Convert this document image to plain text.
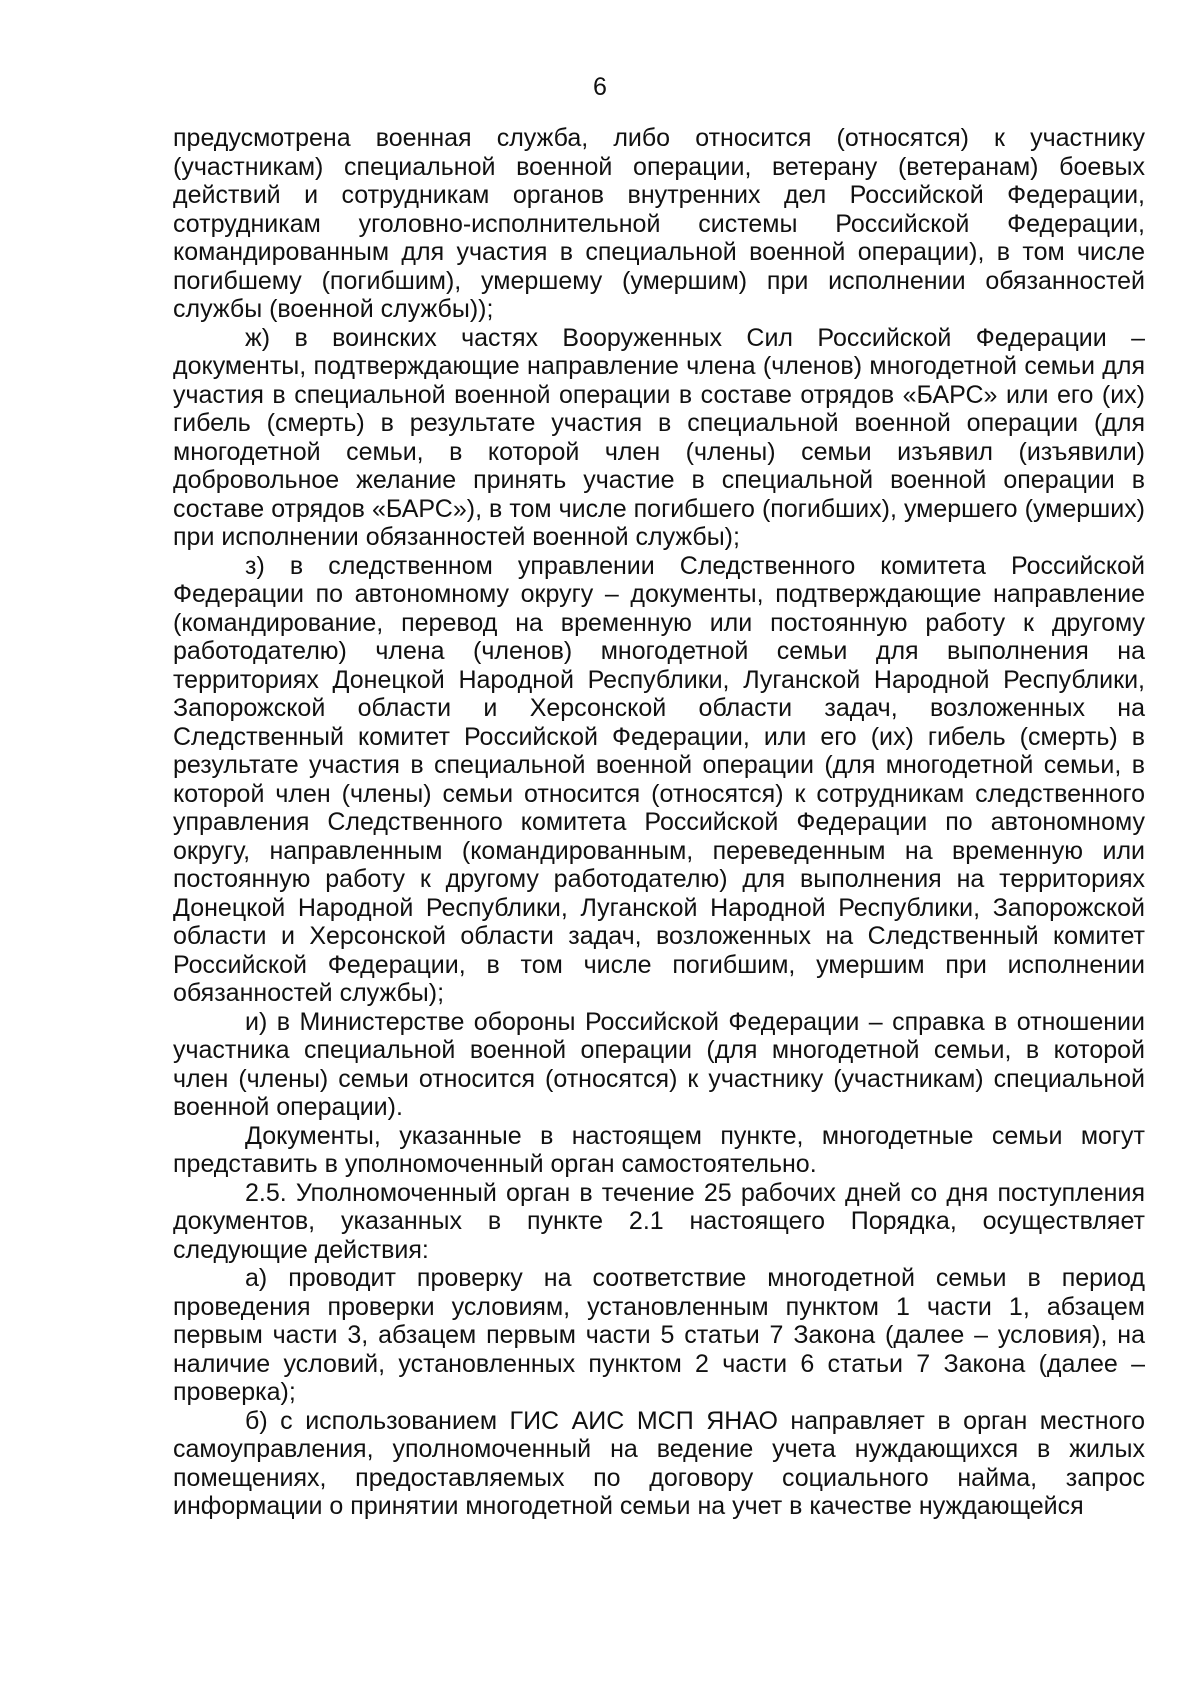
6

предусмотрена военная служба, либо относится (относятся) к участнику (участникам) специальной военной операции, ветерану (ветеранам) боевых действий и сотрудникам органов внутренних дел Российской Федерации, сотрудникам уголовно-исполнительной системы Российской Федерации, командированным для участия в специальной военной операции), в том числе погибшему (погибшим), умершему (умершим) при исполнении обязанностей службы (военной службы));

ж) в воинских частях Вооруженных Сил Российской Федерации – документы, подтверждающие направление члена (членов) многодетной семьи для участия в специальной военной операции в составе отрядов «БАРС» или его (их) гибель (смерть) в результате участия в специальной военной операции (для многодетной семьи, в которой член (члены) семьи изъявил (изъявили) добровольное желание принять участие в специальной военной операции в составе отрядов «БАРС»), в том числе погибшего (погибших), умершего (умерших) при исполнении обязанностей военной службы);

з) в следственном управлении Следственного комитета Российской Федерации по автономному округу – документы, подтверждающие направление (командирование, перевод на временную или постоянную работу к другому работодателю) члена (членов) многодетной семьи для выполнения на территориях Донецкой Народной Республики, Луганской Народной Республики, Запорожской области и Херсонской области задач, возложенных на Следственный комитет Российской Федерации, или его (их) гибель (смерть) в результате участия в специальной военной операции (для многодетной семьи, в которой член (члены) семьи относится (относятся) к сотрудникам следственного управления Следственного комитета Российской Федерации по автономному округу, направленным (командированным, переведенным на временную или постоянную работу к другому работодателю) для выполнения на территориях Донецкой Народной Республики, Луганской Народной Республики, Запорожской области и Херсонской области задач, возложенных на Следственный комитет Российской Федерации, в том числе погибшим, умершим при исполнении обязанностей службы);

и) в Министерстве обороны Российской Федерации – справка в отношении участника специальной военной операции (для многодетной семьи, в которой член (члены) семьи относится (относятся) к участнику (участникам) специальной военной операции).

Документы, указанные в настоящем пункте, многодетные семьи могут представить в уполномоченный орган самостоятельно.

2.5. Уполномоченный орган в течение 25 рабочих дней со дня поступления документов, указанных в пункте 2.1 настоящего Порядка, осуществляет следующие действия:

а) проводит проверку на соответствие многодетной семьи в период проведения проверки условиям, установленным пунктом 1 части 1, абзацем первым части 3, абзацем первым части 5 статьи 7 Закона (далее – условия), на наличие условий, установленных пунктом 2 части 6 статьи 7 Закона (далее – проверка);

б) с использованием ГИС АИС МСП ЯНАО направляет в орган местного самоуправления, уполномоченный на ведение учета нуждающихся в жилых помещениях, предоставляемых по договору социального найма, запрос информации о принятии многодетной семьи на учет в качестве нуждающейся
